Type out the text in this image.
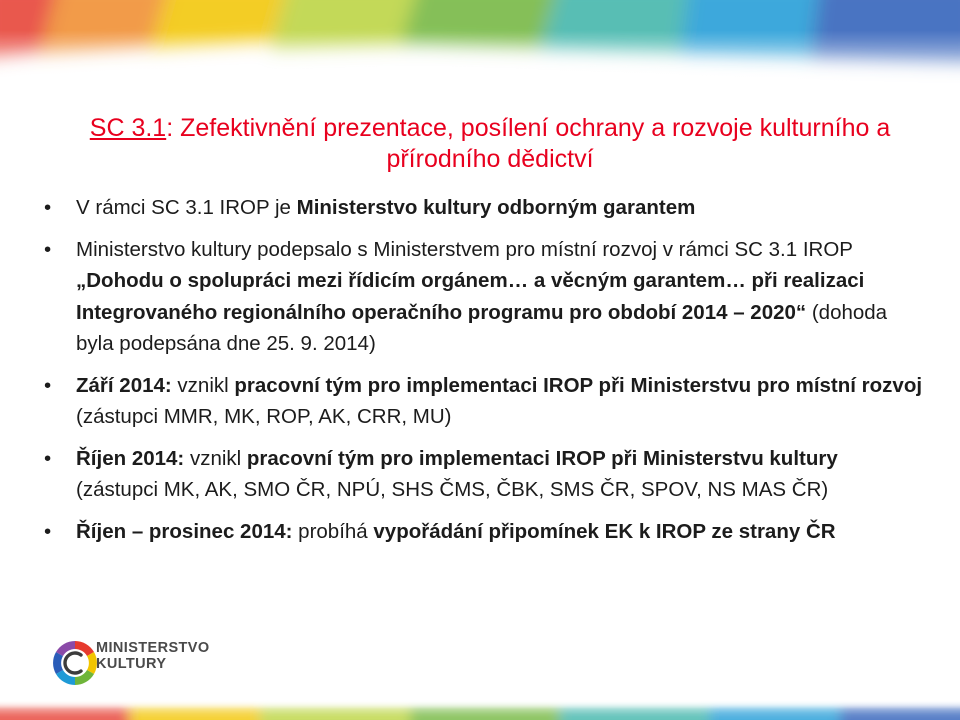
SC 3.1: Zefektivnění prezentace, posílení ochrany a rozvoje kulturního a přírodního dědictví
• V rámci SC 3.1 IROP je Ministerstvo kultury odborným garantem
• Ministerstvo kultury podepsalo s Ministerstvem pro místní rozvoj v rámci SC 3.1 IROP „Dohodu o spolupráci mezi řídicím orgánem… a věcným garantem… při realizaci Integrovaného regionálního operačního programu pro období 2014 – 2020“ (dohoda byla podepsána dne 25. 9. 2014)
• Září 2014: vznikl pracovní tým pro implementaci IROP při Ministerstvu pro místní rozvoj (zástupci MMR, MK, ROP, AK, CRR, MU)
• Říjen 2014: vznikl pracovní tým pro implementaci IROP při Ministerstvu kultury (zástupci MK, AK, SMO ČR, NPÚ, SHS ČMS, ČBK, SMS ČR, SPOV, NS MAS ČR)
• Říjen – prosinec 2014: probíhá vypořádání připomínek EK k IROP ze strany ČR
MINISTERSTVO
KULTURY
